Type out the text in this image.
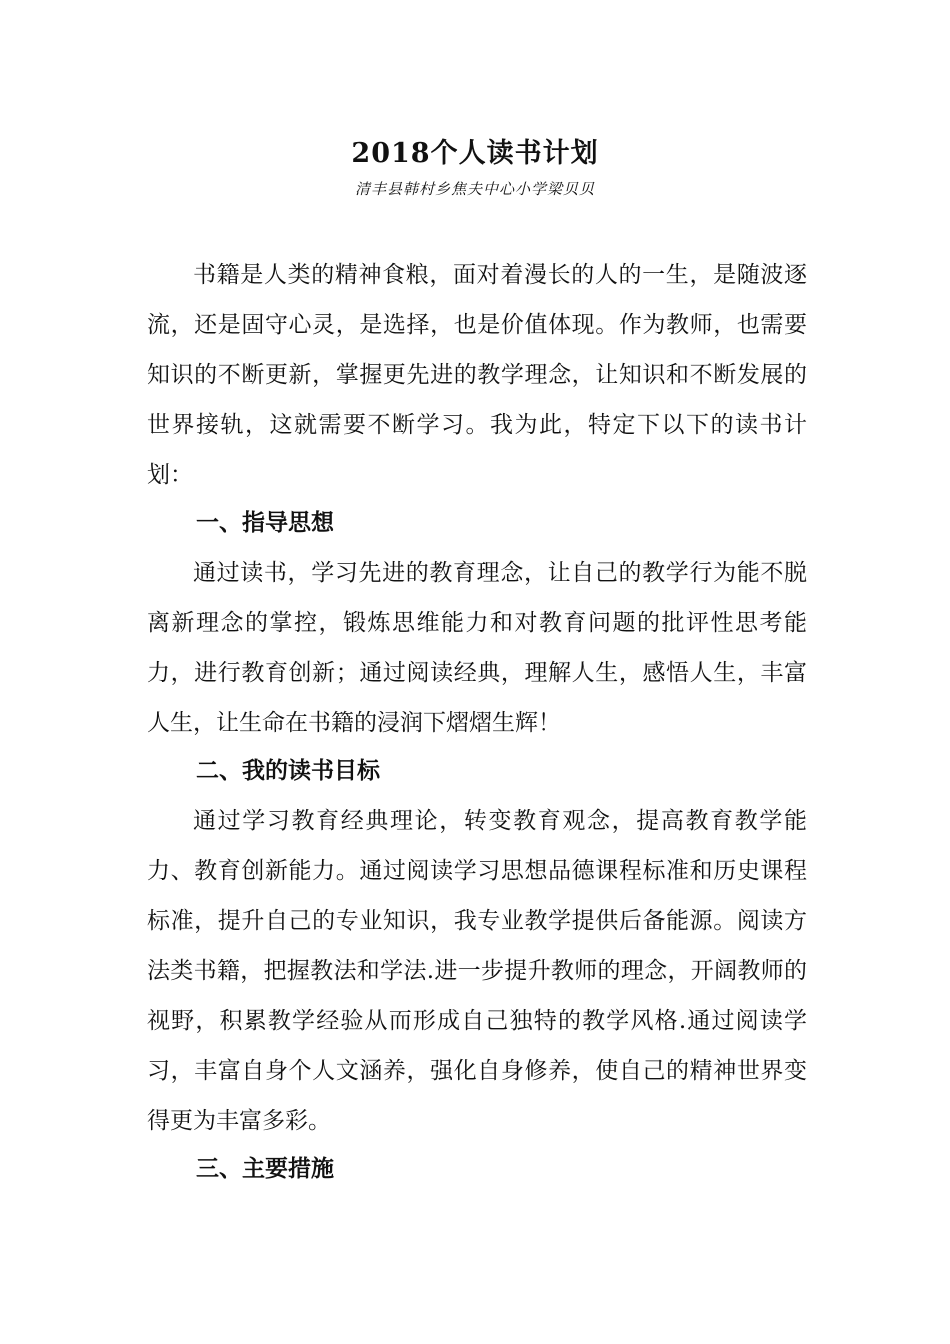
2018个人读书计划
清丰县韩村乡焦夫中心小学梁贝贝

书籍是人类的精神食粮，面对着漫长的人的一生，是随波逐流，还是固守心灵，是选择，也是价值体现。作为教师，也需要知识的不断更新，掌握更先进的教学理念，让知识和不断发展的世界接轨，这就需要不断学习。我为此，特定下以下的读书计划：

一、指导思想

通过读书，学习先进的教育理念，让自己的教学行为能不脱离新理念的掌控，锻炼思维能力和对教育问题的批评性思考能力，进行教育创新；通过阅读经典，理解人生，感悟人生，丰富人生，让生命在书籍的浸润下熠熠生辉！

二、我的读书目标

通过学习教育经典理论，转变教育观念，提高教育教学能力、教育创新能力。通过阅读学习思想品德课程标准和历史课程标准，提升自己的专业知识，我专业教学提供后备能源。阅读方法类书籍，把握教法和学法.进一步提升教师的理念，开阔教师的视野，积累教学经验从而形成自己独特的教学风格.通过阅读学习，丰富自身个人文涵养，强化自身修养，使自己的精神世界变得更为丰富多彩。

三、主要措施
